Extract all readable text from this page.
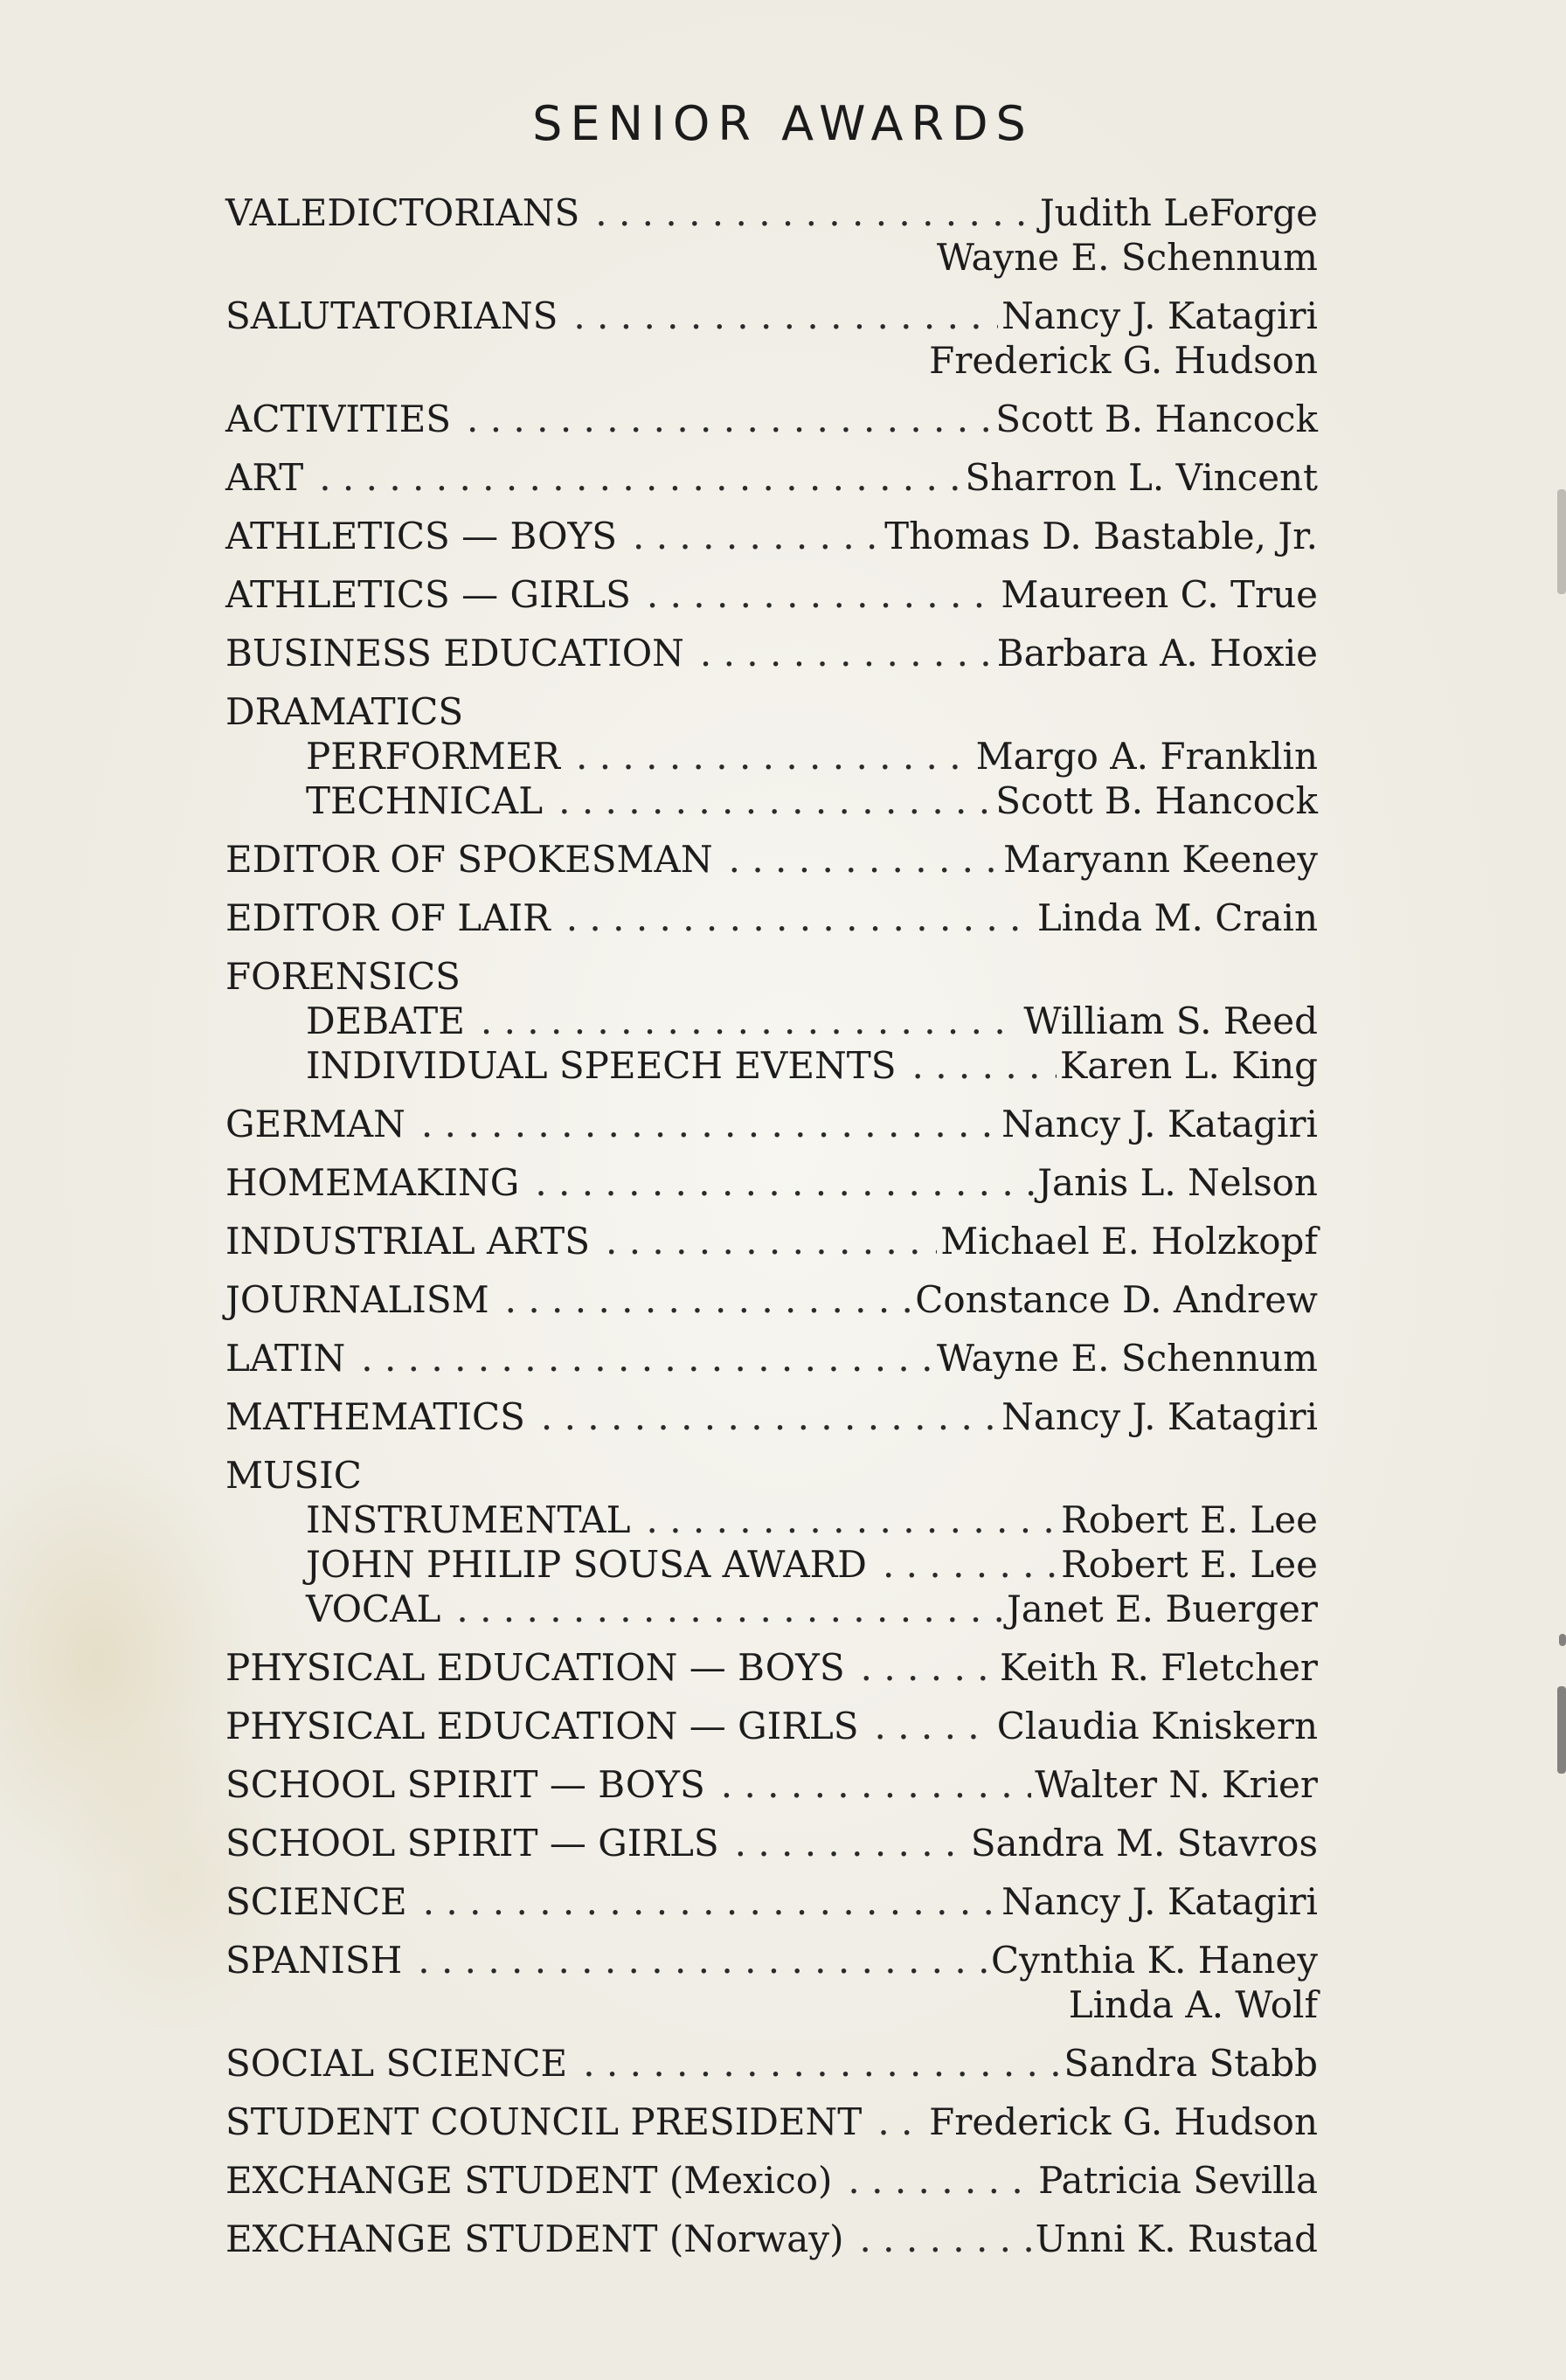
SENIOR AWARDS
VALEDICTORIANS . . .	Judith LeForge
Wayne E. Schennum
SALUTATORIANS . . .	Nancy J. Katagiri
Frederick G. Hudson
ACTIVITIES . . .	Scott B. Hancock
ART . . .	Sharron L. Vincent
ATHLETICS — BOYS . . .	Thomas D. Bastable, Jr.
ATHLETICS — GIRLS . . .	Maureen C. True
BUSINESS EDUCATION . . .	Barbara A. Hoxie
DRAMATICS
PERFORMER . . .	Margo A. Franklin
TECHNICAL . . .	Scott B. Hancock
EDITOR OF SPOKESMAN . . .	Maryann Keeney
EDITOR OF LAIR . . .	Linda M. Crain
FORENSICS
DEBATE . . .	William S. Reed
INDIVIDUAL SPEECH EVENTS . . .	Karen L. King
GERMAN . . .	Nancy J. Katagiri
HOMEMAKING . . .	Janis L. Nelson
INDUSTRIAL ARTS . . .	Michael E. Holzkopf
JOURNALISM . . .	Constance D. Andrew
LATIN . . .	Wayne E. Schennum
MATHEMATICS . . .	Nancy J. Katagiri
MUSIC
INSTRUMENTAL . . .	Robert E. Lee
JOHN PHILIP SOUSA AWARD . . .	Robert E. Lee
VOCAL . . .	Janet E. Buerger
PHYSICAL EDUCATION — BOYS . . .	Keith R. Fletcher
PHYSICAL EDUCATION — GIRLS . . .	Claudia Kniskern
SCHOOL SPIRIT — BOYS . . .	Walter N. Krier
SCHOOL SPIRIT — GIRLS . . .	Sandra M. Stavros
SCIENCE . . .	Nancy J. Katagiri
SPANISH . . .	Cynthia K. Haney
Linda A. Wolf
SOCIAL SCIENCE . . .	Sandra Stabb
STUDENT COUNCIL PRESIDENT . . . Frederick G. Hudson
EXCHANGE STUDENT (Mexico) . . .	Patricia Sevilla
EXCHANGE STUDENT (Norway) . . .	Unni K. Rustad
